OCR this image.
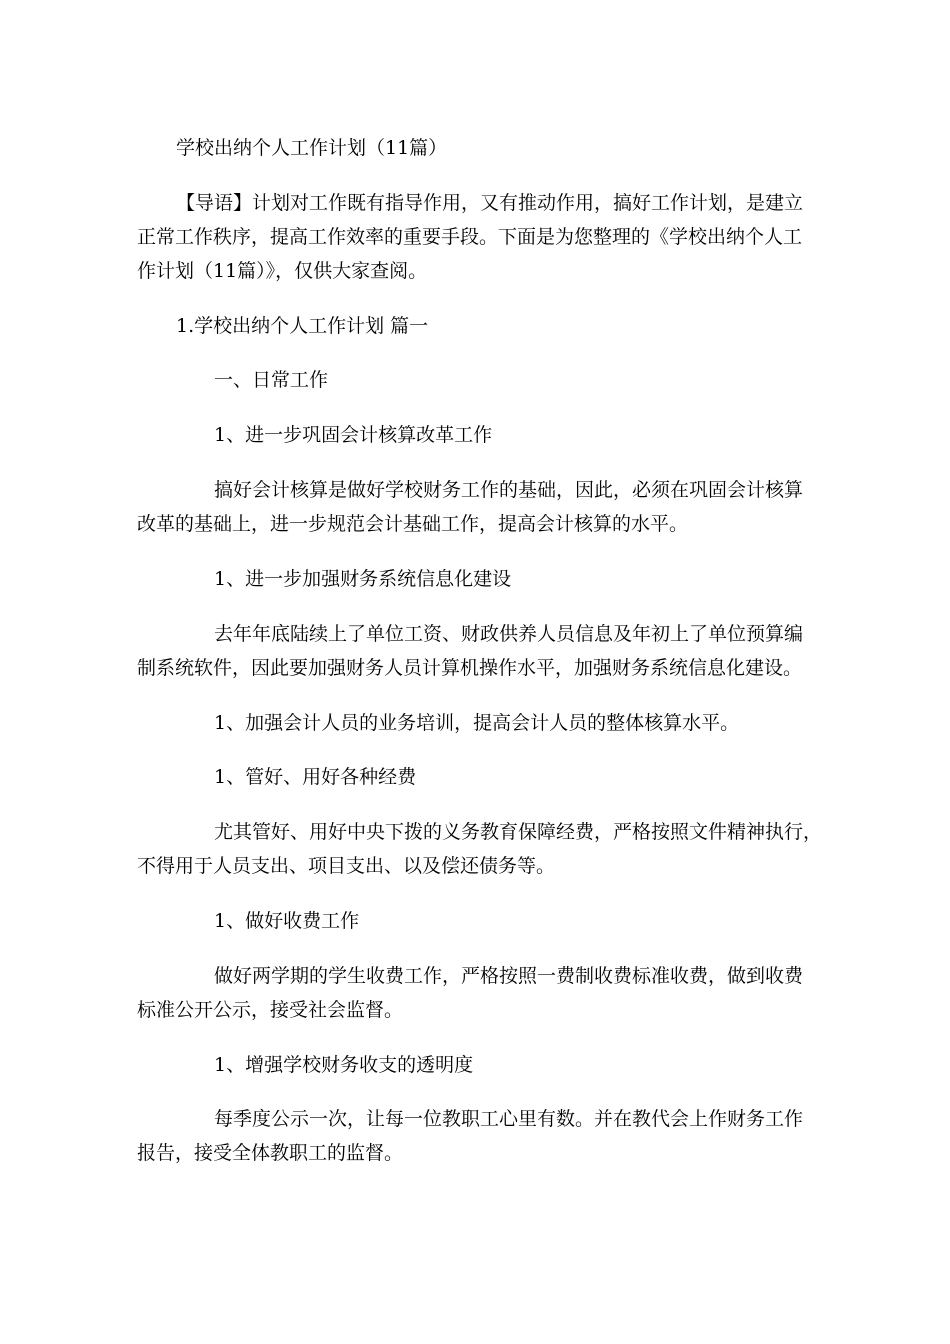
学校出纳个人工作计划（11篇）
【导语】计划对工作既有指导作用，又有推动作用，搞好工作计划，是建立
正常工作秩序，提高工作效率的重要手段。下面是为您整理的《学校出纳个人工
作计划（11篇）》，仅供大家查阅。
1.学校出纳个人工作计划 篇一
一、日常工作
1、进一步巩固会计核算改革工作
搞好会计核算是做好学校财务工作的基础，因此，必须在巩固会计核算
改革的基础上，进一步规范会计基础工作，提高会计核算的水平。
1、进一步加强财务系统信息化建设
去年年底陆续上了单位工资、财政供养人员信息及年初上了单位预算编
制系统软件，因此要加强财务人员计算机操作水平，加强财务系统信息化建设。
1、加强会计人员的业务培训，提高会计人员的整体核算水平。
1、管好、用好各种经费
尤其管好、用好中央下拨的义务教育保障经费，严格按照文件精神执行，
不得用于人员支出、项目支出、以及偿还债务等。
1、做好收费工作
做好两学期的学生收费工作，严格按照一费制收费标准收费，做到收费
标准公开公示，接受社会监督。
1、增强学校财务收支的透明度
每季度公示一次，让每一位教职工心里有数。并在教代会上作财务工作
报告，接受全体教职工的监督。
